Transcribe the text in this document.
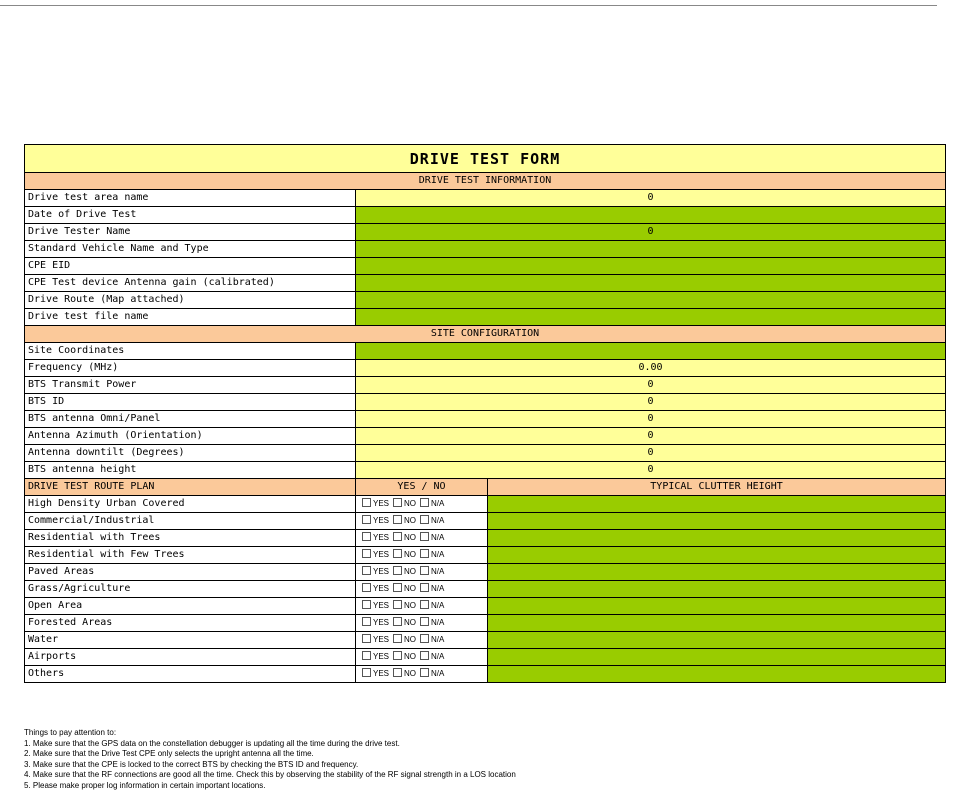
DRIVE TEST FORM		
DRIVE TEST INFORMATION		
Drive test area name	0	
Date of Drive Test		
Drive Tester Name	0	
Standard Vehicle Name and Type		
CPE EID		
CPE Test device Antenna gain (calibrated)		
Drive Route (Map attached)		
Drive test file name		
SITE CONFIGURATION		
Site Coordinates		
Frequency (MHz)	0.00	
BTS Transmit Power	0	
BTS ID	0	
BTS antenna Omni/Panel	0	
Antenna Azimuth (Orientation)	0	
Antenna downtilt (Degrees)	0	
BTS antenna height	0	
DRIVE TEST ROUTE PLAN	YES / NO	TYPICAL CLUTTER HEIGHT
High Density Urban Covered	YES NO N/A	
Commercial/Industrial	YES NO N/A	
Residential with Trees	YES NO N/A	
Residential with Few Trees	YES NO N/A	
Paved Areas	YES NO N/A	
Grass/Agriculture	YES NO N/A	
Open Area	YES NO N/A	
Forested Areas	YES NO N/A	
Water	YES NO N/A	
Airports	YES NO N/A	
Others	YES NO N/A	
Things to pay attention to:
1. Make sure that the GPS data on the constellation debugger is updating all the time during the drive test.
2. Make sure that the Drive Test CPE only selects the upright antenna all the time.
3. Make sure that the CPE is locked to the correct BTS by checking the BTS ID and frequency.
4. Make sure that the RF connections are good all the time. Check this by observing the stability of the RF signal strength in a LOS location
5. Please make proper log information in certain important locations.
